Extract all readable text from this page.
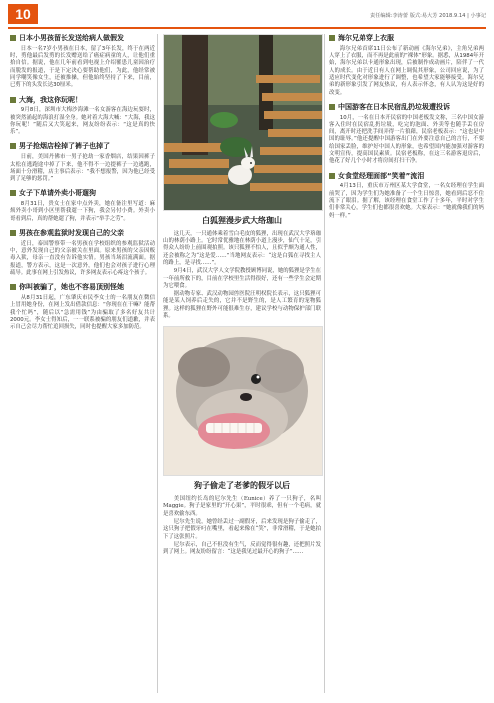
10	责任编辑:李涛蕾 版式:易大芳 2018.9.14 | 小事记
日本小男孩留长发送给病人做假发

日本一名7岁小男孩在日本，留了3年长发，终于在两近时，剪他最后发剪的长发赠送给了癌症病童的人，让他们重拾自信。据说，他在几年前看到电视上介绍罹患儿童因治疗而脱发的报道，于是下定决心要帮助他们，为此，他经常被同学嘲笑像女生，还被推搡，但他始终坚持了下来，目前，已剪下的头发长达30厘米。

大海，我这你玩呢！

9月8日，深圳市大梅沙海滩一名女游客在海边玩耍时，被突然涌起的海浪打湿全身。她对着大海大喊：“大海，我这你玩呢！”随后又大笑起来，网友纷纷表示：“这是真的快乐”。

男子抢烟店栓掉了裤子也掉了

日前，美国丹佛市一男子抢劫一家香烟店，结果因裤子太松在逃跑途中掉了下来，他不得不一边提裤子一边逃跑，场面十分滑稽，店主事后表示：“我不想报警，因为他已经受到了足够的惩罚。”

女子下单请外卖小哥遛狗

8月31日，贵女士在家中点外卖，她在备注里写道：麻烦外卖小哥到小区里帮我遛一下狗，我会另付小费。外卖小哥看到后，真的帮她遛了狗，并表示“举手之劳”。

男孩在参观监狱时发现自己的父亲

近日，泰国警察带一名男孩在学校组织的参观监狱活动中，意外发现自己的父亲被关在里面。原来男孩的父亲因贩毒入狱，母亲一直没有告诉他实情。男孩当场泪流满面。据报道，警方表示，这是一次意外，他们也会对孩子进行心理疏导。此事在网上引发热议，许多网友表示心疼这个孩子。

你叫被骗了，她也不容易顶别怪她

从8月31日起，广东肇庆市民李女士的一名朋友在微信上冒用她身份，在网上发出借款信息：“你现在在干嘛？能帮我个忙吗”，随后以“急需用钱”为由骗取了多名好友共计2000元。李女士得知后，一一联系被骗的朋友们道歉，并表示自己会尽力帮忙追回损失，同时也提醒大家多加防范。

白狐狸漫步武大络珈山

这几天，一只通体乘着雪白毛皮的狐狸，出现在武汉大学珞珈山的林荫小路上。它时常优雅地在林荫小道上漫步，仙气十足，引得众人纷纷上前围观拍照。该只狐狸不怕人，且似乎颇为通人性，还会被称之为“这是爱……”当地网友表示：“这是白狐在寻找主人的路上，是寻找……”。

9月4日，武汉大学人文学院教授顾博同说，她的狐狸是学生在一年前所救下的，目前在学校里生活得很好，还有一些学生会定期为它喂食。

据动物专家、武汉动物园兽医院汪明权院长表示，这只狐狸可能是某人饲养后走失的，它并不是野生的，是人工繁育的宠物狐狸。这样的狐狸在野外可能很难生存，建议学校与动物保护部门联系。

狗子偷走了老爹的假牙以后

美国纽约长岛的尼尔先生（Eunice）养了一只狗子，名叫 Maggie。狗子是家里的“开心果”，平时很乖，但有一个毛病，就是喜欢偷东西。

尼尔先生说，她曾经丢过一副假牙，后来发现是狗子偷走了，这只狗子把假牙叼在嘴里，看起来像在“笑”，非常滑稽，于是她拍下了这张照片。

尼尔表示，自己不但没有生气，反而觉得很有趣，还把照片发到了网上。网友纷纷留言：“这是我见过最开心的狗子”……

海尔兄弟穿上衣服

海尔兄弟首席11日公布了新动画《海尔兄弟》，主角兄弟两人穿上了衣服，而不再是此前的“裸体”形象。据悉，从1984年开始，海尔兄弟以卡通形象出现，后被制作成动画片，陪伴了一代人的成长。由于近日有人在网上调侃其形象，公司回应说，为了适应时代变化对形象进行了调整，也希望大家能够接受。海尔兄弟的新形象引发了网友热议，有人表示怀念，有人认为这是好的改变。

中国游客在日本民宿乱扔垃圾遭投诉

10月，一名在日本开民宿的中国老板发文称，三名中国女游客入住时在民宿乱扔垃圾，吃完的泡面、外卖等也随手丢在房间，离开时还把洗手间弄得一片狼藉，民宿老板表示：“这也是中国的耻辱。”他还提醒中国游客出门在外要注意自己的言行，不要给国家丢脸，维护好中国人的形象，也希望国内能加强对游客的文明宣传，提高国民素质。民宿老板称，在这三名游客退房后，他花了好几个小时才将房间打扫干净。

女食堂经理面部“笑着”流泪

4月13日，重庆市万州区某大学食堂，一名女经理在学生面前哭了，因为学生们为她准备了一个生日惊喜，她看到后忍不住流下了眼泪。据了解，该经理在食堂工作了十多年，平时对学生们非常关心，学生们也都很喜欢她。大家表示：“她就像我们的妈妈一样。”
